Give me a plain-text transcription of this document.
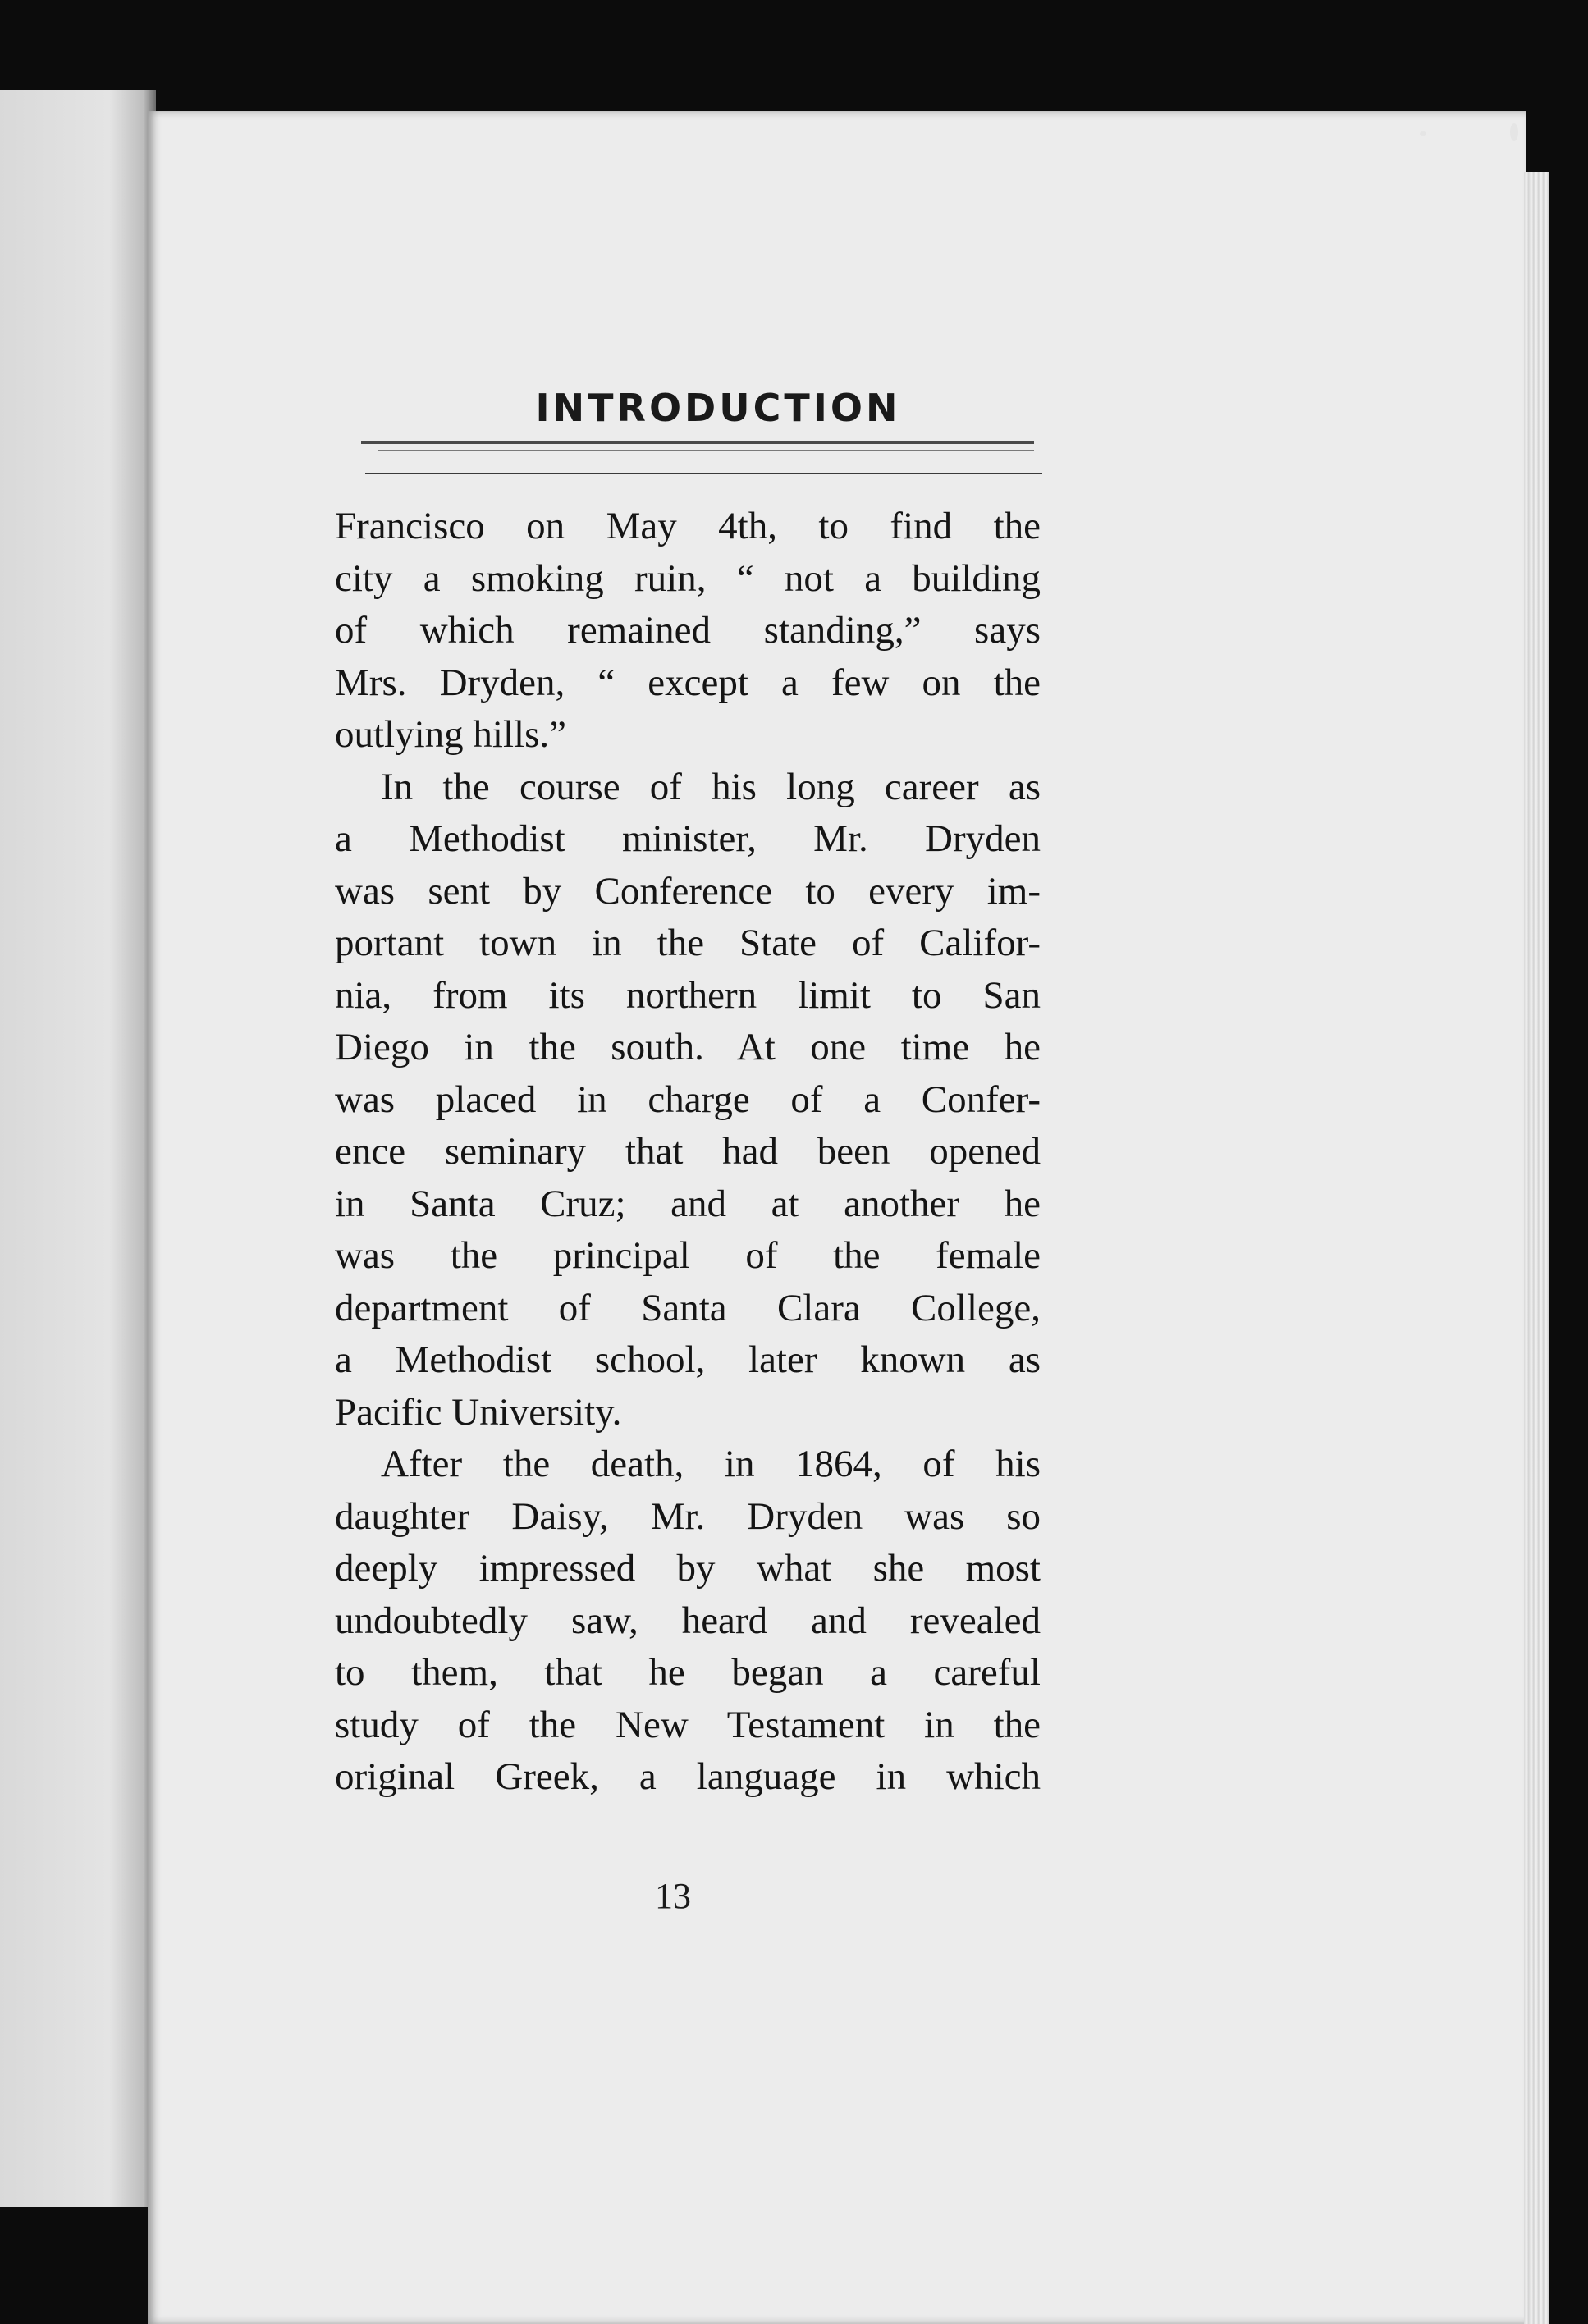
INTRODUCTION
Francisco on May 4th, to find the
city a smoking ruin, “ not a building
of which remained standing,” says
Mrs. Dryden, “ except a few on the
outlying hills.”
In the course of his long career as
a Methodist minister, Mr. Dryden
was sent by Conference to every im-
portant town in the State of Califor-
nia, from its northern limit to San
Diego in the south. At one time he
was placed in charge of a Confer-
ence seminary that had been opened
in Santa Cruz; and at another he
was the principal of the female
department of Santa Clara College,
a Methodist school, later known as
Pacific University.
After the death, in 1864, of his
daughter Daisy, Mr. Dryden was so
deeply impressed by what she most
undoubtedly saw, heard and revealed
to them, that he began a careful
study of the New Testament in the
original Greek, a language in which
13
